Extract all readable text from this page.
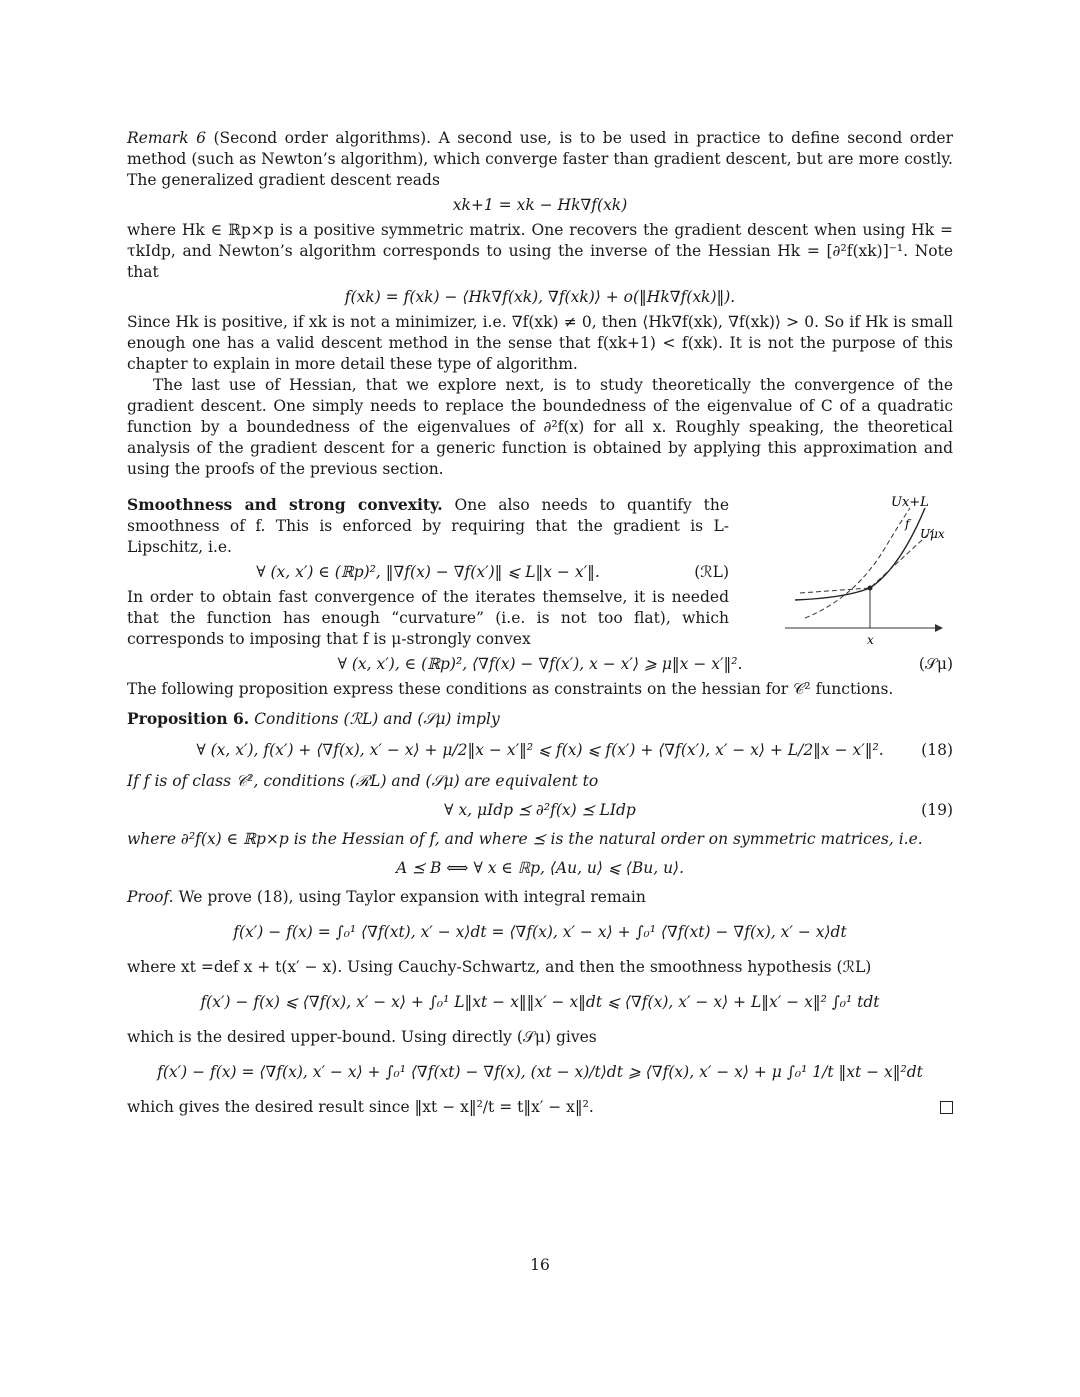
Remark 6 (Second order algorithms). A second use, is to be used in practice to define second order method (such as Newton’s algorithm), which converge faster than gradient descent, but are more costly. The generalized gradient descent reads

xk+1 = xk − Hk∇f(xk)

where Hk ∈ ℝp×p is a positive symmetric matrix. One recovers the gradient descent when using Hk = τkIdp, and Newton’s algorithm corresponds to using the inverse of the Hessian Hk = [∂²f(xk)]⁻¹. Note that

f(xk) = f(xk) − ⟨Hk∇f(xk), ∇f(xk)⟩ + o(‖Hk∇f(xk)‖).

Since Hk is positive, if xk is not a minimizer, i.e. ∇f(xk) ≠ 0, then ⟨Hk∇f(xk), ∇f(xk)⟩ > 0. So if Hk is small enough one has a valid descent method in the sense that f(xk+1) < f(xk). It is not the purpose of this chapter to explain in more detail these type of algorithm.

The last use of Hessian, that we explore next, is to study theoretically the convergence of the gradient descent. One simply needs to replace the boundedness of the eigenvalue of C of a quadratic function by a boundedness of the eigenvalues of ∂²f(x) for all x. Roughly speaking, the theoretical analysis of the gradient descent for a generic function is obtained by applying this approximation and using the proofs of the previous section.

Smoothness and strong convexity. One also needs to quantify the smoothness of f. This is enforced by requiring that the gradient is L-Lipschitz, i.e.

∀ (x, x′) ∈ (ℝp)², ‖∇f(x) − ∇f(x′)‖ ⩽ L‖x − x′‖.	(ℛL)

In order to obtain fast convergence of the iterates themselve, it is needed that the function has enough “curvature” (i.e. is not too flat), which corresponds to imposing that f is μ-strongly convex

Ux+L
f
Uμx
x
∀ (x, x′), ∈ (ℝp)², ⟨∇f(x) − ∇f(x′), x − x′⟩ ⩾ μ‖x − x′‖².	(𝒮μ)

The following proposition express these conditions as constraints on the hessian for 𝒞² functions.

Proposition 6. Conditions (ℛL) and (𝒮μ) imply

∀ (x, x′), f(x′) + ⟨∇f(x), x′ − x⟩ + μ/2‖x − x′‖² ⩽ f(x) ⩽ f(x′) + ⟨∇f(x′), x′ − x⟩ + L/2‖x − x′‖². (18)

If f is of class 𝒞², conditions (ℛL) and (𝒮μ) are equivalent to

∀ x, μIdp ⪯ ∂²f(x) ⪯ LIdp	(19)

where ∂²f(x) ∈ ℝp×p is the Hessian of f, and where ⪯ is the natural order on symmetric matrices, i.e.

A ⪯ B ⟺ ∀ x ∈ ℝp, ⟨Au, u⟩ ⩽ ⟨Bu, u⟩.

Proof. We prove (18), using Taylor expansion with integral remain

f(x′) − f(x) = ∫₀¹ ⟨∇f(xt), x′ − x⟩dt = ⟨∇f(x), x′ − x⟩ + ∫₀¹ ⟨∇f(xt) − ∇f(x), x′ − x⟩dt

where xt =def x + t(x′ − x). Using Cauchy-Schwartz, and then the smoothness hypothesis (ℛL)

f(x′) − f(x) ⩽ ⟨∇f(x), x′ − x⟩ + ∫₀¹ L‖xt − x‖‖x′ − x‖dt ⩽ ⟨∇f(x), x′ − x⟩ + L‖x′ − x‖² ∫₀¹ tdt

which is the desired upper-bound. Using directly (𝒮μ) gives

f(x′) − f(x) = ⟨∇f(x), x′ − x⟩ + ∫₀¹ ⟨∇f(xt) − ∇f(x), (xt − x)/t⟩dt ⩾ ⟨∇f(x), x′ − x⟩ + μ ∫₀¹ 1/t ‖xt − x‖²dt

which gives the desired result since ‖xt − x‖²/t = t‖x′ − x‖².

16
